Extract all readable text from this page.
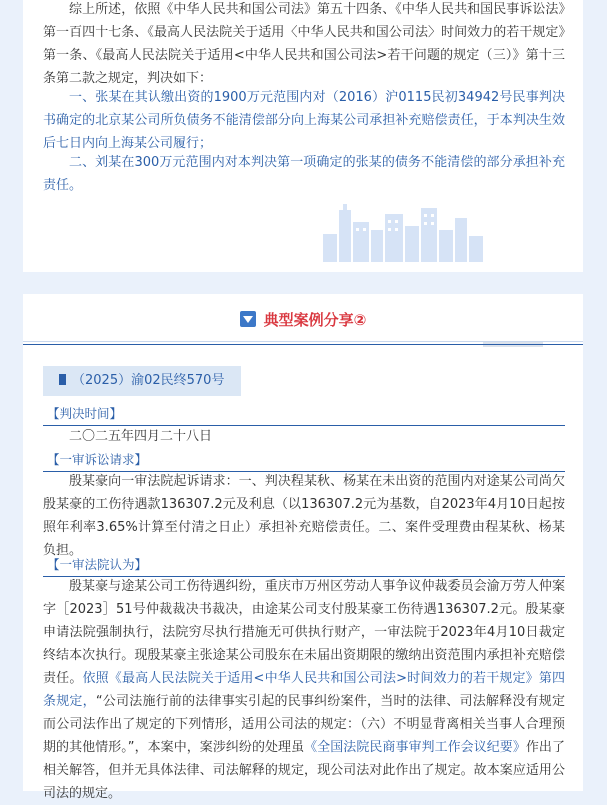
综上所述，依照《中华人民共和国公司法》第五十四条、《中华人民共和国民事诉讼法》第一百四十七条、《最高人民法院关于适用〈中华人民共和国公司法〉时间效力的若干规定》第一条、《最高人民法院关于适用<中华人民共和国公司法>若干问题的规定（三）》第十三条第二款之规定，判决如下：

一、张某在其认缴出资的1900万元范围内对（2016）沪0115民初34942号民事判决书确定的北京某公司所负债务不能清偿部分向上海某公司承担补充赔偿责任，于本判决生效后七日内向上海某公司履行；

二、刘某在300万元范围内对本判决第一项确定的张某的债务不能清偿的部分承担补充责任。

典型案例分享②
（2025）渝02民终570号
【判决时间】

二〇二五年四月二十八日

【一审诉讼请求】

殷某豪向一审法院起诉请求：一、判决程某秋、杨某在未出资的范围内对途某公司尚欠殷某豪的工伤待遇款136307.2元及利息（以136307.2元为基数，自2023年4月10日起按照年利率3.65%计算至付清之日止）承担补充赔偿责任。二、案件受理费由程某秋、杨某负担。

【一审法院认为】

殷某豪与途某公司工伤待遇纠纷，重庆市万州区劳动人事争议仲裁委员会渝万劳人仲案字［2023］51号仲裁裁决书裁决，由途某公司支付殷某豪工伤待遇136307.2元。殷某豪申请法院强制执行，法院穷尽执行措施无可供执行财产，一审法院于2023年4月10日裁定终结本次执行。现殷某豪主张途某公司股东在未届出资期限的缴纳出资范围内承担补充赔偿责任。依照《最高人民法院关于适用<中华人民共和国公司法>时间效力的若干规定》第四条规定，“公司法施行前的法律事实引起的民事纠纷案件，当时的法律、司法解释没有规定而公司法作出了规定的下列情形，适用公司法的规定：（六）不明显背离相关当事人合理预期的其他情形。”，本案中，案涉纠纷的处理虽《全国法院民商事审判工作会议纪要》作出了相关解答，但并无具体法律、司法解释的规定，现公司法对此作出了规定。故本案应适用公司法的规定。
